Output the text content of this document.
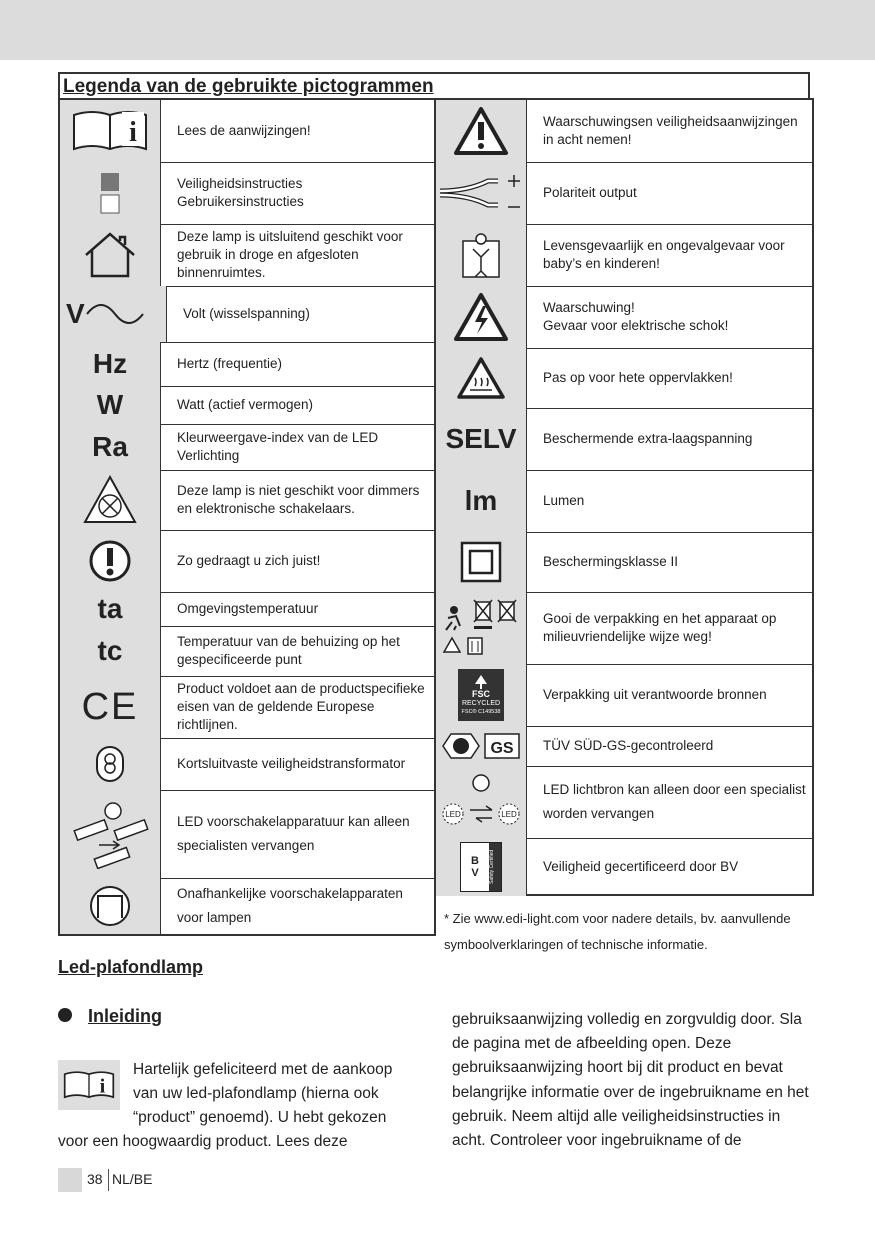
Legenda van de gebruikte pictogrammen
i	Lees de aanwijzingen!
Veiligheidsinstructies
Gebruikersinstructies
Deze lamp is uitsluitend geschikt voor gebruik in droge en afgesloten binnenruimtes.
V	Volt (wisselspanning)
Hz	Hertz (frequentie)
W	Watt (actief vermogen)
Ra	Kleurweergave-index van de LED Verlichting
Deze lamp is niet geschikt voor dimmers en elektronische schakelaars.
Zo gedraagt u zich juist!
ta	Omgevingstemperatuur
tc	Temperatuur van de behuizing op het gespecificeerde punt
CE	Product voldoet aan de productspecifieke eisen van de geldende Europese richtlijnen.
Kortsluitvaste veiligheidstransformator
LED voorschakelapparatuur kan alleen specialisten vervangen
Onafhankelijke voorschakelapparaten voor lampen
Waarschuwingsen veiligheidsaanwijzingen in acht nemen!
Polariteit output
Levensgevaarlijk en ongevalgevaar voor baby’s en kinderen!
Waarschuwing!
Gevaar voor elektrische schok!
Pas op voor hete oppervlakken!
SELV	Beschermende extra-laagspanning
lm	Lumen
Beschermingsklasse II
Gooi de verpakking en het apparaat op milieuvriendelijke wijze weg!
FSC
RECYCLED
FSC® C149538
Verpakking uit verantwoorde bronnen
GS	TÜV SÜD-GS-gecontroleerd
LED	LED
LED lichtbron kan alleen door een specialist worden vervangen
B V	Safety Certified	Veiligheid gecertificeerd door BV
* Zie www.edi-light.com voor nadere details, bv. aanvullende symboolverklaringen of technische informatie.
Led-plafondlamp
Inleiding
i
Hartelijk gefeliciteerd met de aankoop van uw led-plafondlamp (hierna ook “product” genoemd). U hebt gekozen
voor een hoogwaardig product. Lees deze
gebruiksaanwijzing volledig en zorgvuldig door. Sla de pagina met de afbeelding open. Deze gebruiksaanwijzing hoort bij dit product en bevat belangrijke informatie over de ingebruikname en het gebruik. Neem altijd alle veiligheidsinstructies in acht. Controleer voor ingebruikname of de
38 NL/BE
